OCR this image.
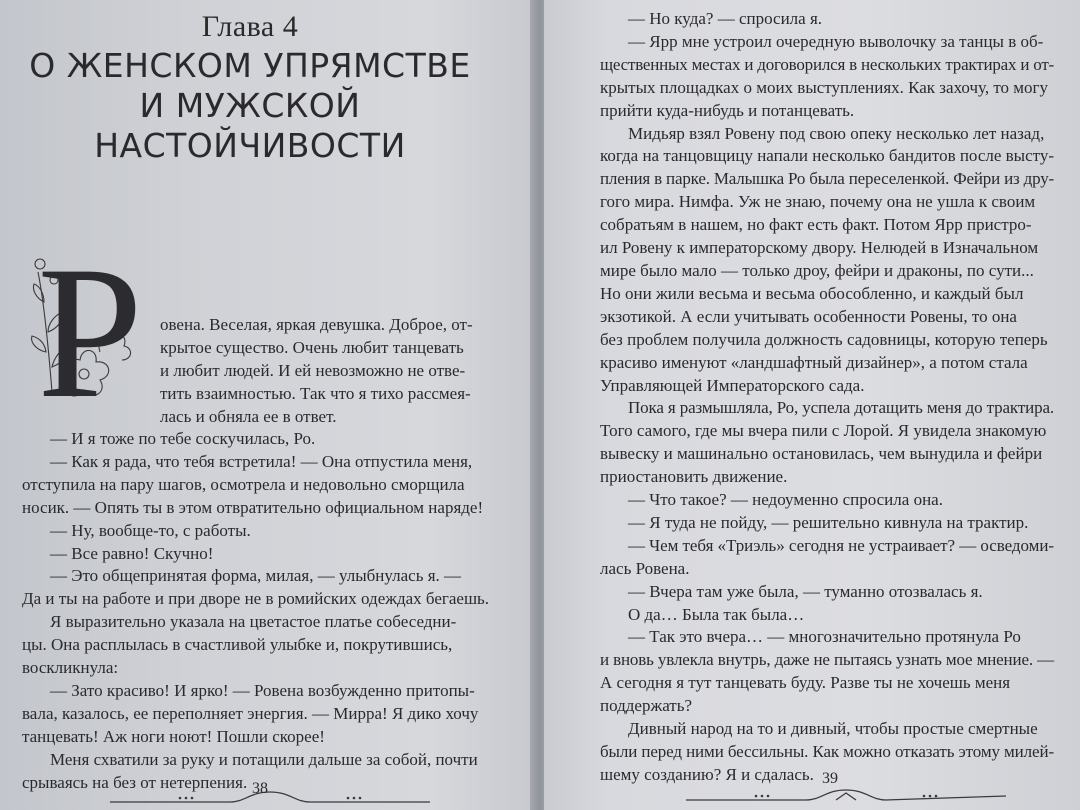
Глава 4
О ЖЕНСКОМ УПРЯМСТВЕ
И МУЖСКОЙ
НАСТОЙЧИВОСТИ
Р овена. Веселая, яркая девушка. Доброе, от-
крытое существо. Очень любит танцевать
и любит людей. И ей невозможно не отве-
тить взаимностью. Так что я тихо рассмея-
лась и обняла ее в ответ.
— И я тоже по тебе соскучилась, Ро.
— Как я рада, что тебя встретила! — Она отпустила меня,
отступила на пару шагов, осмотрела и недовольно сморщила
носик. — Опять ты в этом отвратительно официальном наряде!
— Ну, вообще-то, с работы.
— Все равно! Скучно!
— Это общепринятая форма, милая, — улыбнулась я. —
Да и ты на работе и при дворе не в ромийских одеждах бегаешь.
Я выразительно указала на цветастое платье собеседни-
цы. Она расплылась в счастливой улыбке и, покрутившись,
воскликнула:
— Зато красиво! И ярко! — Ровена возбужденно притопы-
вала, казалось, ее переполняет энергия. — Мирра! Я дико хочу
танцевать! Аж ноги ноют! Пошли скорее!
Меня схватили за руку и потащили дальше за собой, почти
срываясь на без от нетерпения. 38
— Но куда? — спросила я.
— Ярр мне устроил очередную выволочку за танцы в об-
щественных местах и договорился в нескольких трактирах и от-
крытых площадках о моих выступлениях. Как захочу, то могу
прийти куда-нибудь и потанцевать.
Мидьяр взял Ровену под свою опеку несколько лет назад,
когда на танцовщицу напали несколько бандитов после высту-
пления в парке. Малышка Ро была переселенкой. Фейри из дру-
гого мира. Нимфа. Уж не знаю, почему она не ушла к своим
собратьям в нашем, но факт есть факт. Потом Ярр пристро-
ил Ровену к императорскому двору. Нелюдей в Изначальном
мире было мало — только дроу, фейри и драконы, по сути...
Но они жили весьма и весьма обособленно, и каждый был
экзотикой. А если учитывать особенности Ровены, то она
без проблем получила должность садовницы, которую теперь
красиво именуют «ландшафтный дизайнер», а потом стала
Управляющей Императорского сада.
Пока я размышляла, Ро, успела дотащить меня до трактира.
Того самого, где мы вчера пили с Лорой. Я увидела знакомую
вывеску и машинально остановилась, чем вынудила и фейри
приостановить движение.
— Что такое? — недоуменно спросила она.
— Я туда не пойду, — решительно кивнула на трактир.
— Чем тебя «Триэль» сегодня не устраивает? — осведоми-
лась Ровена.
— Вчера там уже была, — туманно отозвалась я.
О да… Была так была…
— Так это вчера… — многозначительно протянула Ро
и вновь увлекла внутрь, даже не пытаясь узнать мое мнение. —
А сегодня я тут танцевать буду. Разве ты не хочешь меня
поддержать?
Дивный народ на то и дивный, чтобы простые смертные
были перед ними бессильны. Как можно отказать этому милей-
шему созданию? Я и сдалась. 39
